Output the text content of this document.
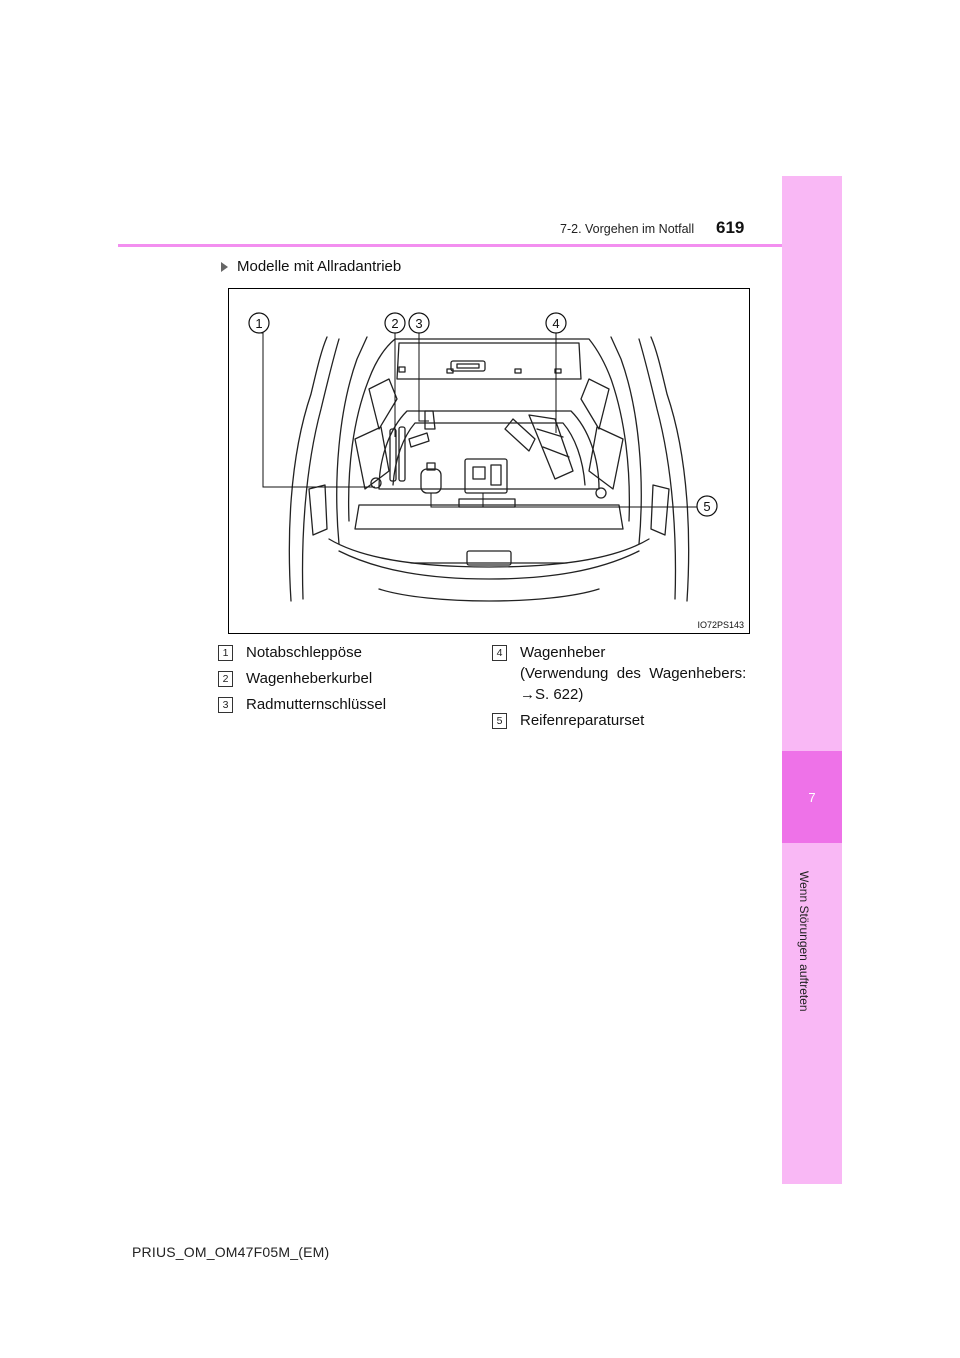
7
Wenn Störungen auftreten
7-2. Vorgehen im Notfall 619
Modelle mit Allradantrieb
1	2 3	4
5
IO72PS143
1	Notabschleppöse
2	Wagenheberkurbel
3	Radmutternschlüssel
4	Wagenheber
(Verwendung  des  Wagenhebers:
→S. 622)
5	Reifenreparaturset
PRIUS_OM_OM47F05M_(EM)
